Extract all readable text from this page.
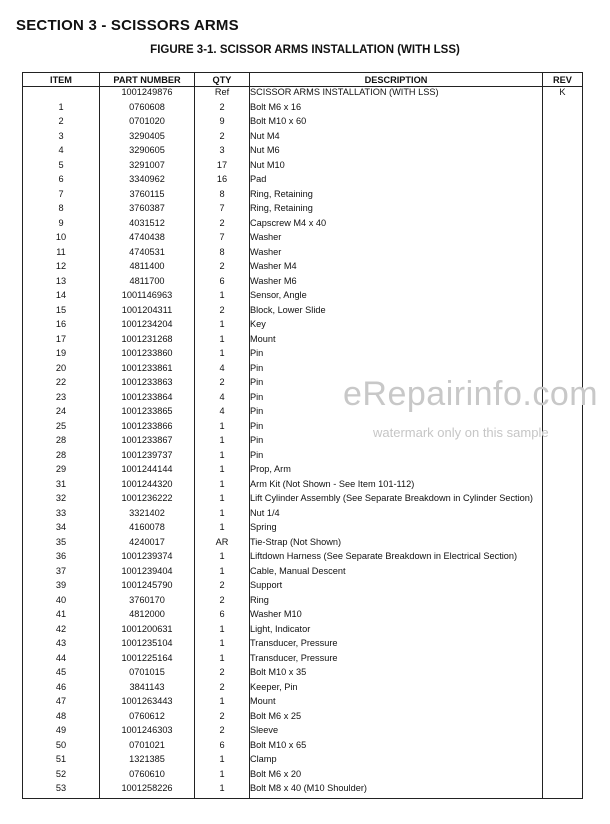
SECTION 3 - SCISSORS ARMS
FIGURE 3-1. SCISSOR ARMS INSTALLATION (WITH LSS)
ITEM	PART NUMBER	QTY	DESCRIPTION	REV
	1001249876	Ref	SCISSOR ARMS INSTALLATION (WITH LSS)	K
1	0760608	2	Bolt M6 x 16	
2	0701020	9	Bolt M10 x 60	
3	3290405	2	Nut M4	
4	3290605	3	Nut M6	
5	3291007	17	Nut M10	
6	3340962	16	Pad	
7	3760115	8	Ring, Retaining	
8	3760387	7	Ring, Retaining	
9	4031512	2	Capscrew M4 x 40	
10	4740438	7	Washer	
11	4740531	8	Washer	
12	4811400	2	Washer M4	
13	4811700	6	Washer M6	
14	1001146963	1	Sensor, Angle	
15	1001204311	2	Block, Lower Slide	
16	1001234204	1	Key	
17	1001231268	1	Mount	
19	1001233860	1	Pin	
20	1001233861	4	Pin	
22	1001233863	2	Pin	
23	1001233864	4	Pin	
24	1001233865	4	Pin	
25	1001233866	1	Pin	
28	1001233867	1	Pin	
28	1001239737	1	Pin	
29	1001244144	1	Prop, Arm	
31	1001244320	1	Arm Kit (Not Shown - See Item 101-112)	
32	1001236222	1	Lift Cylinder Assembly (See Separate Breakdown in Cylinder Section)	
33	3321402	1	Nut 1/4	
34	4160078	1	Spring	
35	4240017	AR	Tie-Strap (Not Shown)	
36	1001239374	1	Liftdown Harness (See Separate Breakdown in Electrical Section)	
37	1001239404	1	Cable, Manual Descent	
39	1001245790	2	Support	
40	3760170	2	Ring	
41	4812000	6	Washer M10	
42	1001200631	1	Light, Indicator	
43	1001235104	1	Transducer, Pressure	
44	1001225164	1	Transducer, Pressure	
45	0701015	2	Bolt M10 x 35	
46	3841143	2	Keeper, Pin	
47	1001263443	1	Mount	
48	0760612	2	Bolt M6 x 25	
49	1001246303	2	Sleeve	
50	0701021	6	Bolt M10 x 65	
51	1321385	1	Clamp	
52	0760610	1	Bolt M6 x 20	
53	1001258226	1	Bolt M8 x 40 (M10 Shoulder)	
eRepairinfo.com
watermark only on this sample
